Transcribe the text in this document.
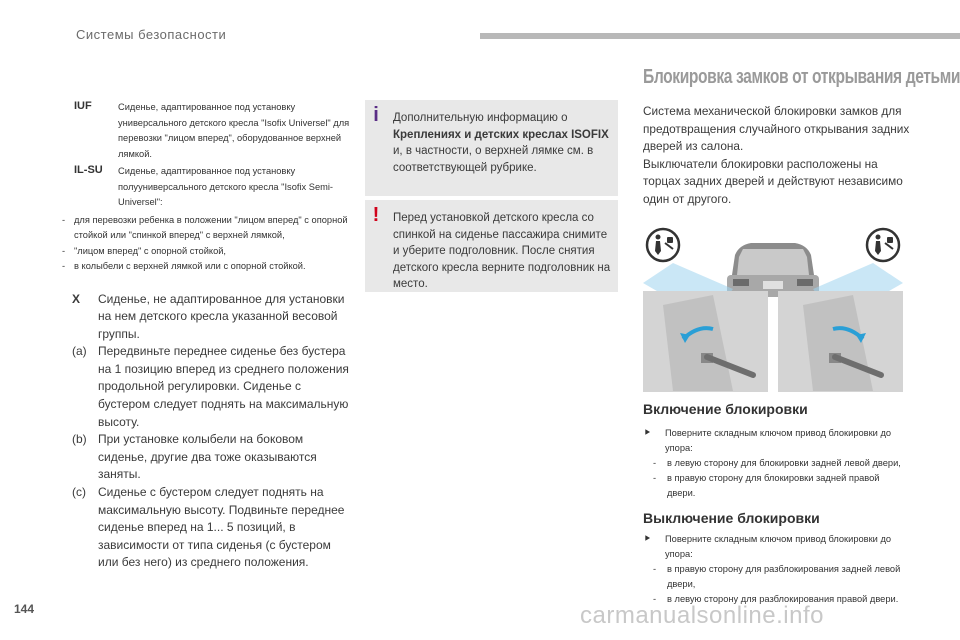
Системы безопасности
IUF	Сиденье, адаптированное под установку универсального детского кресла "Isofix Universel" для перевозки "лицом вперед", оборудованное верхней лямкой.
IL-SU	Сиденье, адаптированное под установку полууниверсального детского кресла "Isofix Semi-Universel":
- для перевозки ребенка в положении "лицом вперед" с опорной стойкой или "спинкой вперед" с верхней лямкой,
- "лицом вперед" с опорной стойкой,
- в колыбели с верхней лямкой или с опорной стойкой.
X	Сиденье, не адаптированное для установки на нем детского кресла указанной весовой группы.
(a) Передвиньте переднее сиденье без бустера на 1 позицию вперед из среднего положения продольной регулировки. Сиденье с бустером следует поднять на максимальную высоту.
(b) При установке колыбели на боковом сиденье, другие два тоже оказываются заняты.
(c)	Сиденье с бустером следует поднять на максимальную высоту. Подвиньте переднее сиденье вперед на 1... 5 позиций, в зависимости от типа сиденья (с бустером или без него) из среднего положения.
i	Дополнительную информацию о Креплениях и детских креслах ISOFIX и, в частности, о верхней лямке см. в соответствующей рубрике.
!	Перед установкой детского кресла со спинкой на сиденье пассажира снимите и уберите подголовник. После снятия детского кресла верните подголовник на место.
Блокировка замков от открывания детьми
Система механической блокировки замков для предотвращения случайного открывания задних дверей из салона.
Выключатели блокировки расположены на торцах задних дверей и действуют независимо один от другого.
Включение блокировки
⯈	Поверните складным ключом привод блокировки до упора:
-	в левую сторону для блокировки задней левой двери,
-	в правую сторону для блокировки задней правой двери.
Выключение блокировки
⯈	Поверните складным ключом привод блокировки до упора:
-	в правую сторону для разблокирования задней левой двери,
-	в левую сторону для разблокирования правой двери.
144	carmanualsonline.info
